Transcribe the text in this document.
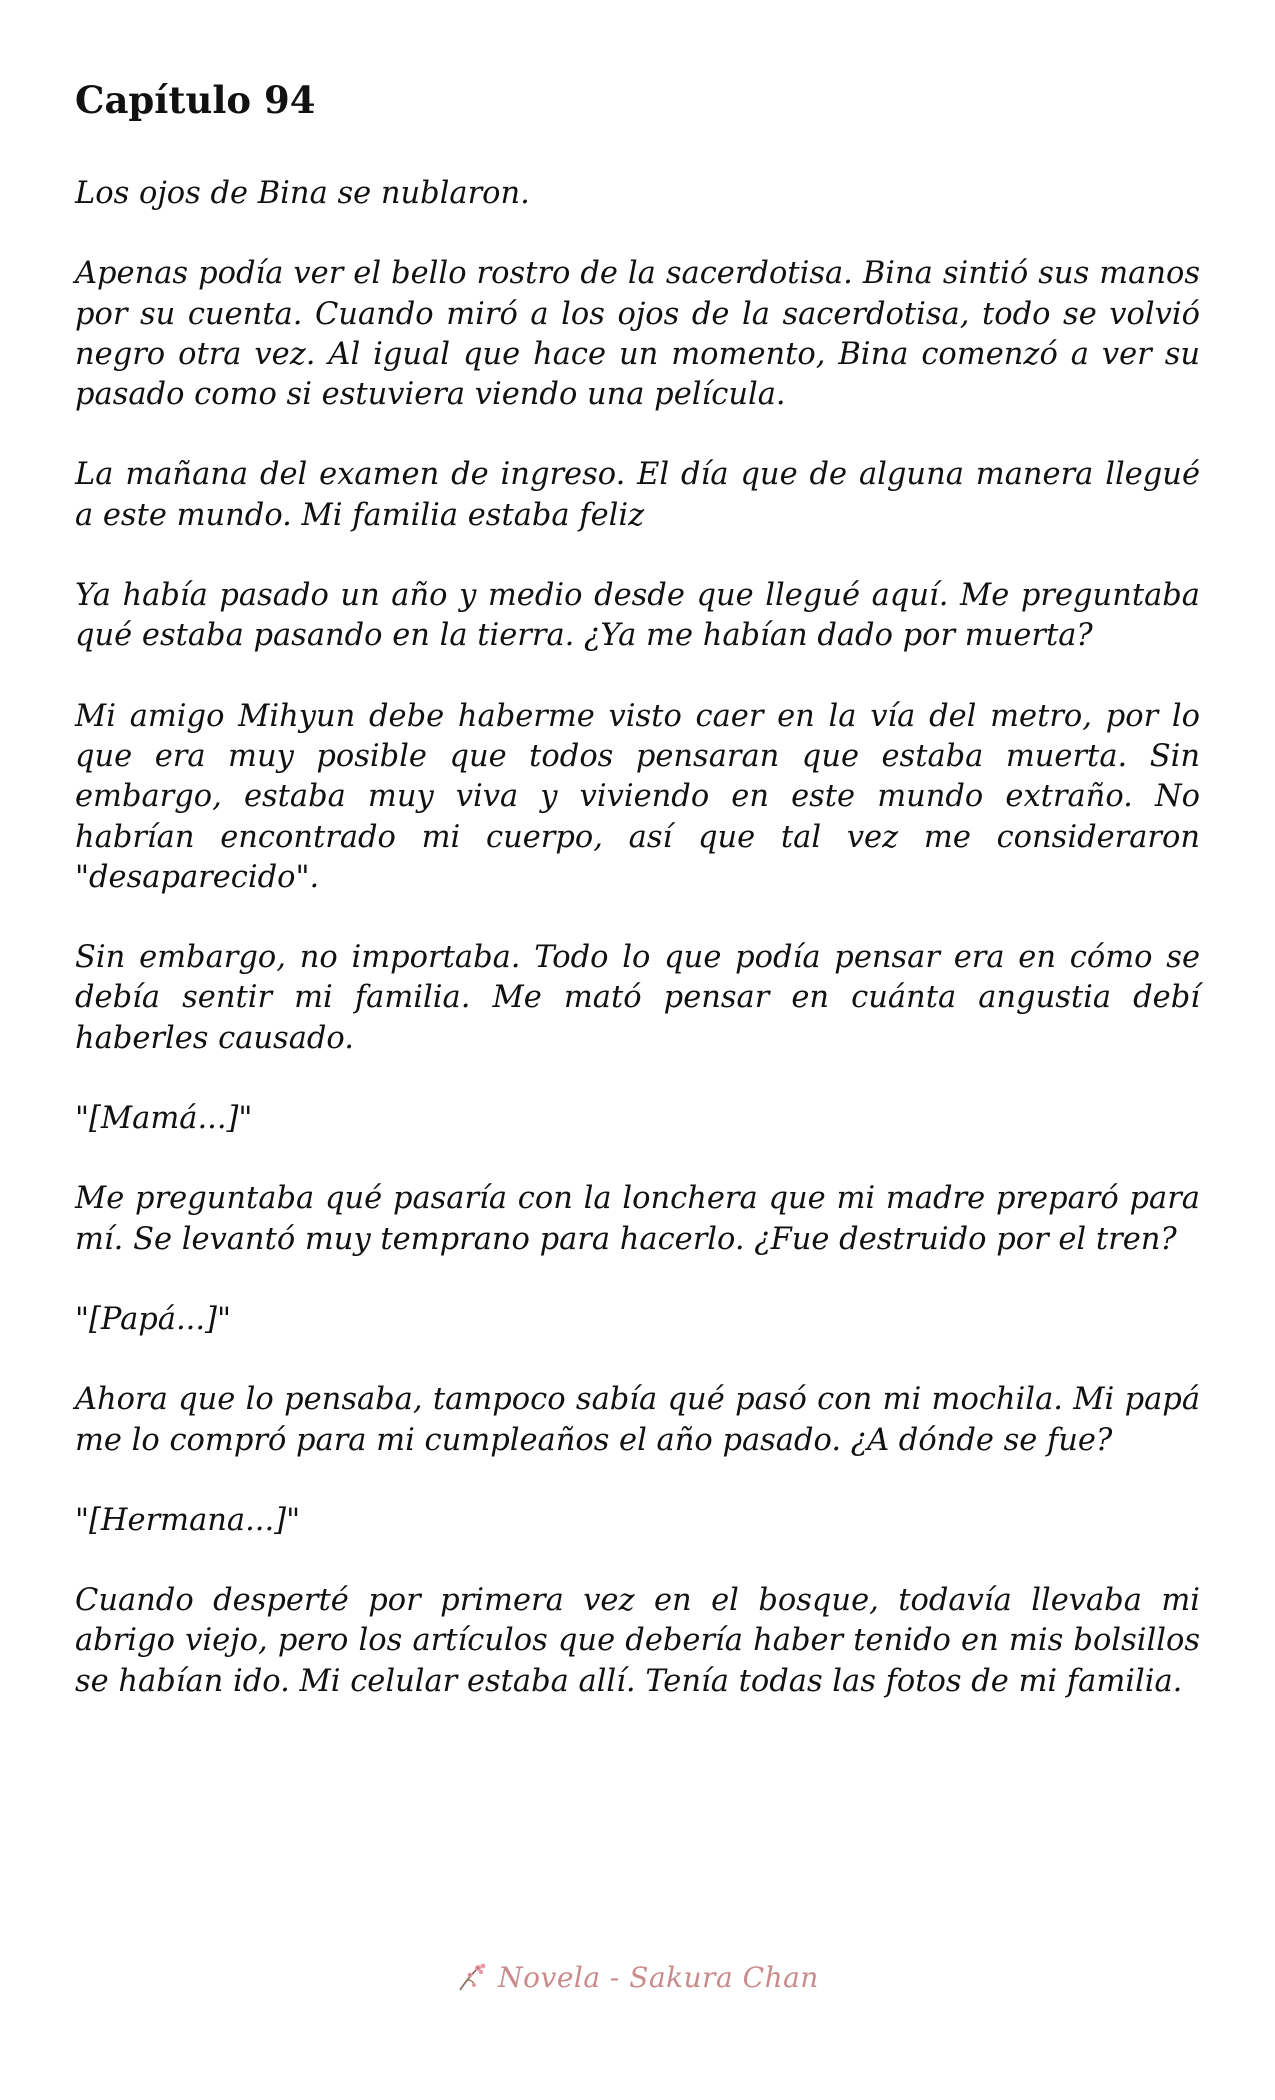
Capítulo 94

Los ojos de Bina se nublaron.

Apenas podía ver el bello rostro de la sacerdotisa. Bina sintió sus manos por su cuenta. Cuando miró a los ojos de la sacerdotisa, todo se volvió negro otra vez. Al igual que hace un momento, Bina comenzó a ver su pasado como si estuviera viendo una película.

La mañana del examen de ingreso. El día que de alguna manera llegué a este mundo. Mi familia estaba feliz

Ya había pasado un año y medio desde que llegué aquí. Me preguntaba qué estaba pasando en la tierra. ¿Ya me habían dado por muerta?

Mi amigo Mihyun debe haberme visto caer en la vía del metro, por lo que era muy posible que todos pensaran que estaba muerta. Sin embargo, estaba muy viva y viviendo en este mundo extraño. No habrían encontrado mi cuerpo, así que tal vez me consideraron "desaparecido".

Sin embargo, no importaba. Todo lo que podía pensar era en cómo se debía sentir mi familia. Me mató pensar en cuánta angustia debí haberles causado.

"[Mamá...]"

Me preguntaba qué pasaría con la lonchera que mi madre preparó para mí. Se levantó muy temprano para hacerlo. ¿Fue destruido por el tren?

"[Papá...]"

Ahora que lo pensaba, tampoco sabía qué pasó con mi mochila. Mi papá me lo compró para mi cumpleaños el año pasado. ¿A dónde se fue?

"[Hermana...]"

Cuando desperté por primera vez en el bosque, todavía llevaba mi abrigo viejo, pero los artículos que debería haber tenido en mis bolsillos se habían ido. Mi celular estaba allí. Tenía todas las fotos de mi familia.

Novela - Sakura Chan
